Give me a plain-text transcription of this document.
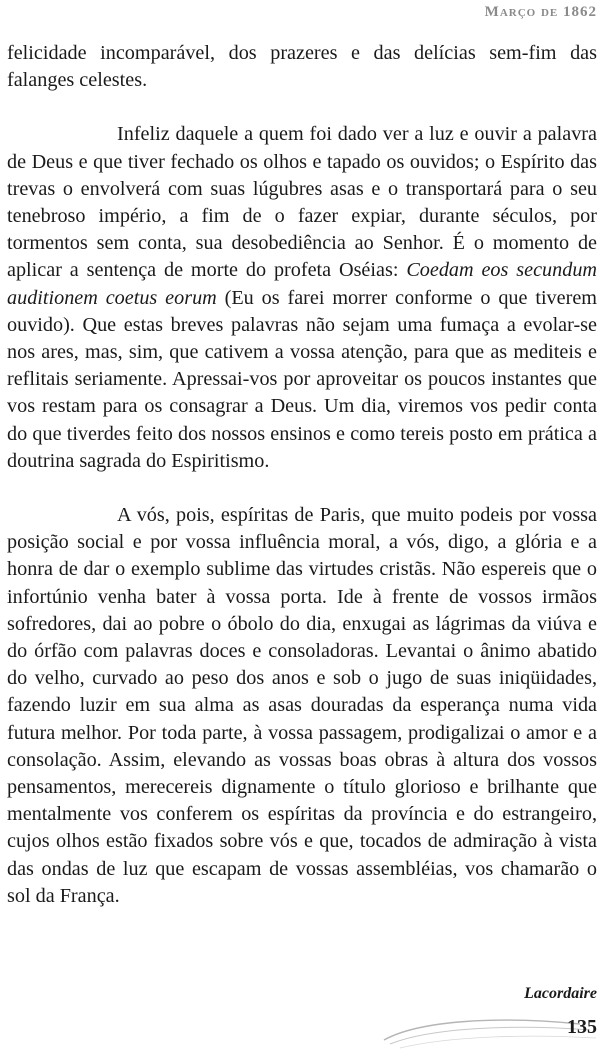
Março de 1862

felicidade incomparável, dos prazeres e das delícias sem-fim das falanges celestes.

Infeliz daquele a quem foi dado ver a luz e ouvir a palavra de Deus e que tiver fechado os olhos e tapado os ouvidos; o Espírito das trevas o envolverá com suas lúgubres asas e o transportará para o seu tenebroso império, a fim de o fazer expiar, durante séculos, por tormentos sem conta, sua desobediência ao Senhor. É o momento de aplicar a sentença de morte do profeta Oséias: Coedam eos secundum auditionem coetus eorum (Eu os farei morrer conforme o que tiverem ouvido). Que estas breves palavras não sejam uma fumaça a evolar-se nos ares, mas, sim, que cativem a vossa atenção, para que as mediteis e reflitais seriamente. Apressai-vos por aproveitar os poucos instantes que vos restam para os consagrar a Deus. Um dia, viremos vos pedir conta do que tiverdes feito dos nossos ensinos e como tereis posto em prática a doutrina sagrada do Espiritismo.

A vós, pois, espíritas de Paris, que muito podeis por vossa posição social e por vossa influência moral, a vós, digo, a glória e a honra de dar o exemplo sublime das virtudes cristãs. Não espereis que o infortúnio venha bater à vossa porta. Ide à frente de vossos irmãos sofredores, dai ao pobre o óbolo do dia, enxugai as lágrimas da viúva e do órfão com palavras doces e consoladoras. Levantai o ânimo abatido do velho, curvado ao peso dos anos e sob o jugo de suas iniqüidades, fazendo luzir em sua alma as asas douradas da esperança numa vida futura melhor. Por toda parte, à vossa passagem, prodigalizai o amor e a consolação. Assim, elevando as vossas boas obras à altura dos vossos pensamentos, merecereis dignamente o título glorioso e brilhante que mentalmente vos conferem os espíritas da província e do estrangeiro, cujos olhos estão fixados sobre vós e que, tocados de admiração à vista das ondas de luz que escapam de vossas assembléias, vos chamarão o sol da França.

Lacordaire
135
